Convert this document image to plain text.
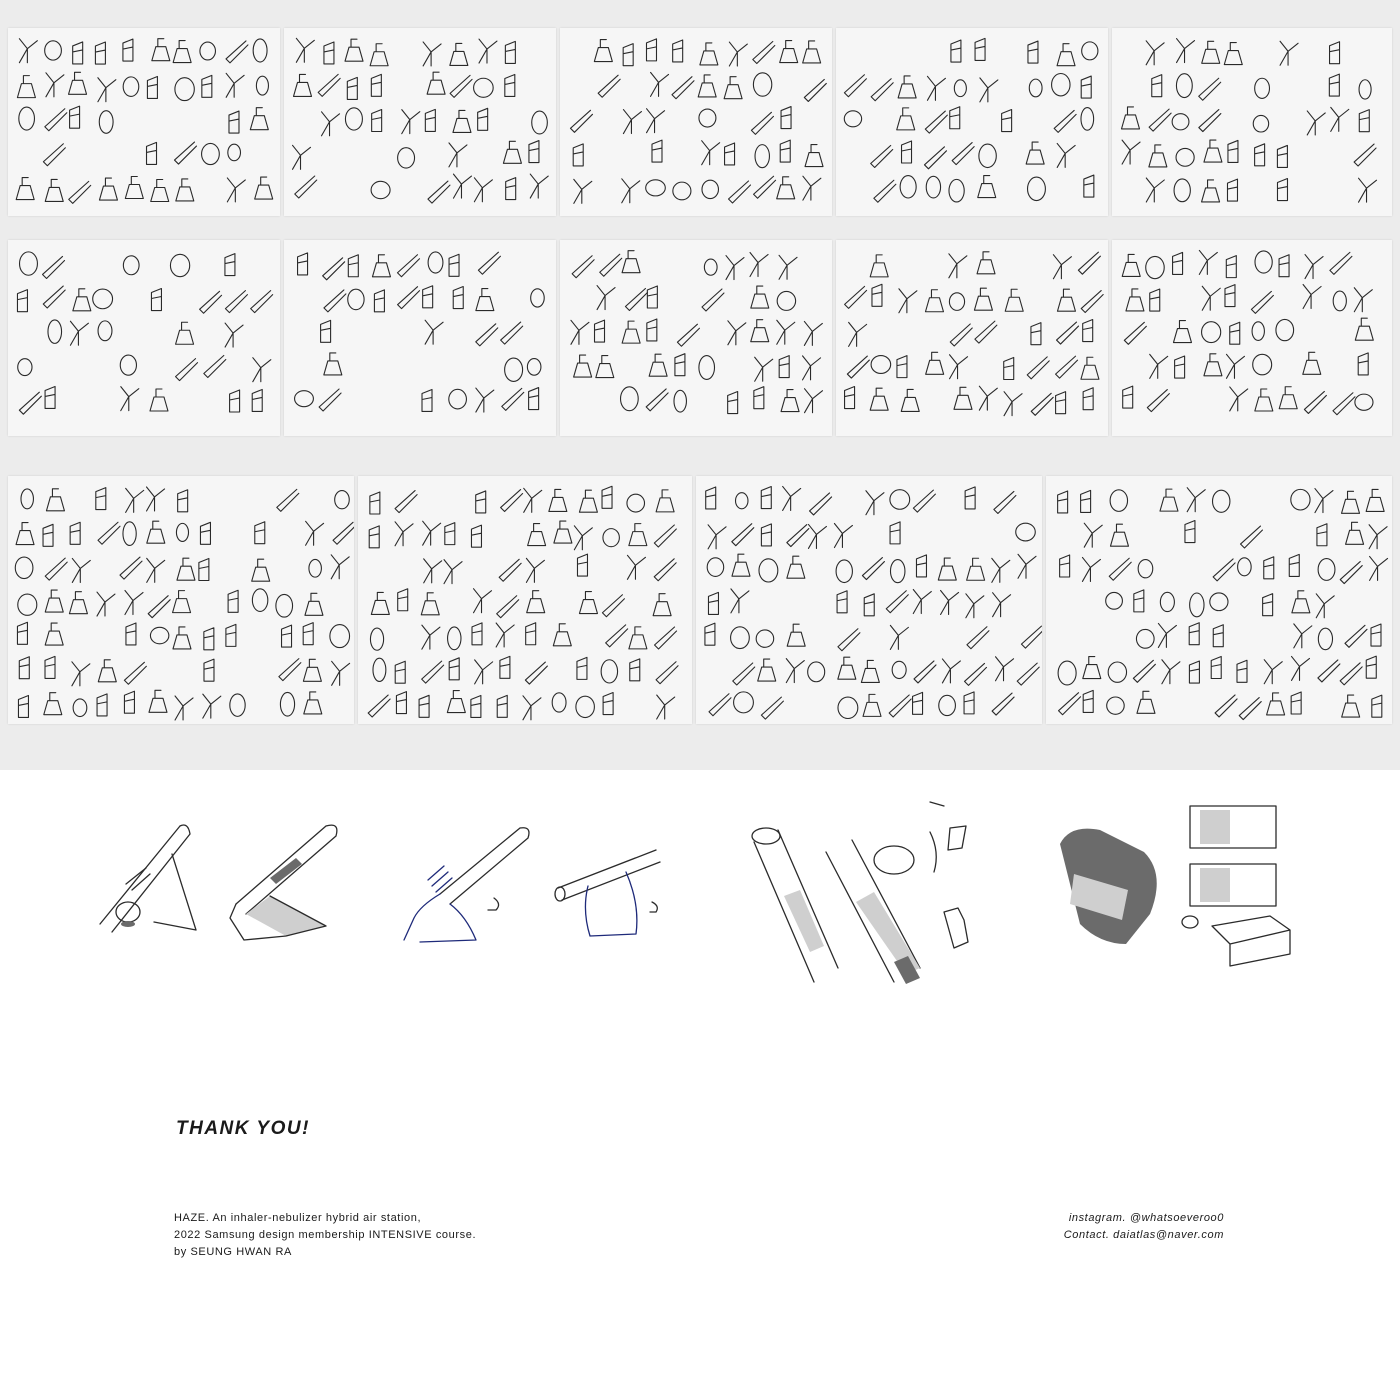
THANK YOU!
HAZE. An inhaler-nebulizer hybrid air station,
2022 Samsung design membership INTENSIVE course.
by SEUNG HWAN RA
instagram. @whatsoeveroo0
Contact. daiatlas@naver.com
